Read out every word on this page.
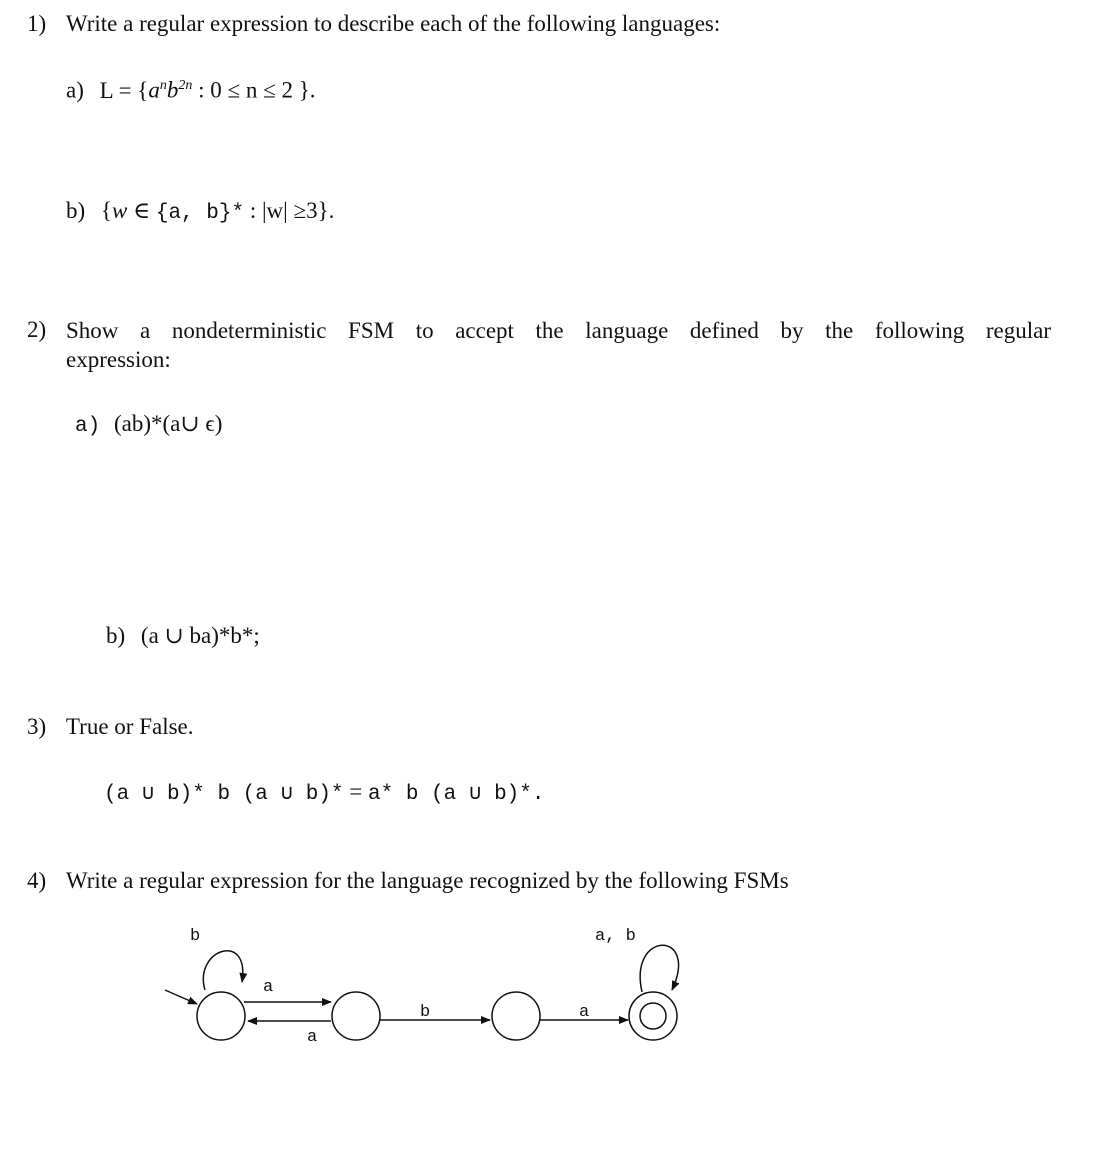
1) Write a regular expression to describe each of the following languages:
a) $L = \{a^nb^{2n}$ : 0 ≤ n ≤ 2 }.
b) {w ∈ {a, b}* : |w| ≥3}.
2) Show a nondeterministic FSM to accept the language defined by the following regular
expression:
a) (ab)*(a∪ ϵ)
b) (a ∪ ba)*b*;
3) True or False.
(a ∪ b)* b (a ∪ b)* = a* b (a ∪ b)*.
4) Write a regular expression for the language recognized by the following FSMs
b
a
a
b	a
a, b
